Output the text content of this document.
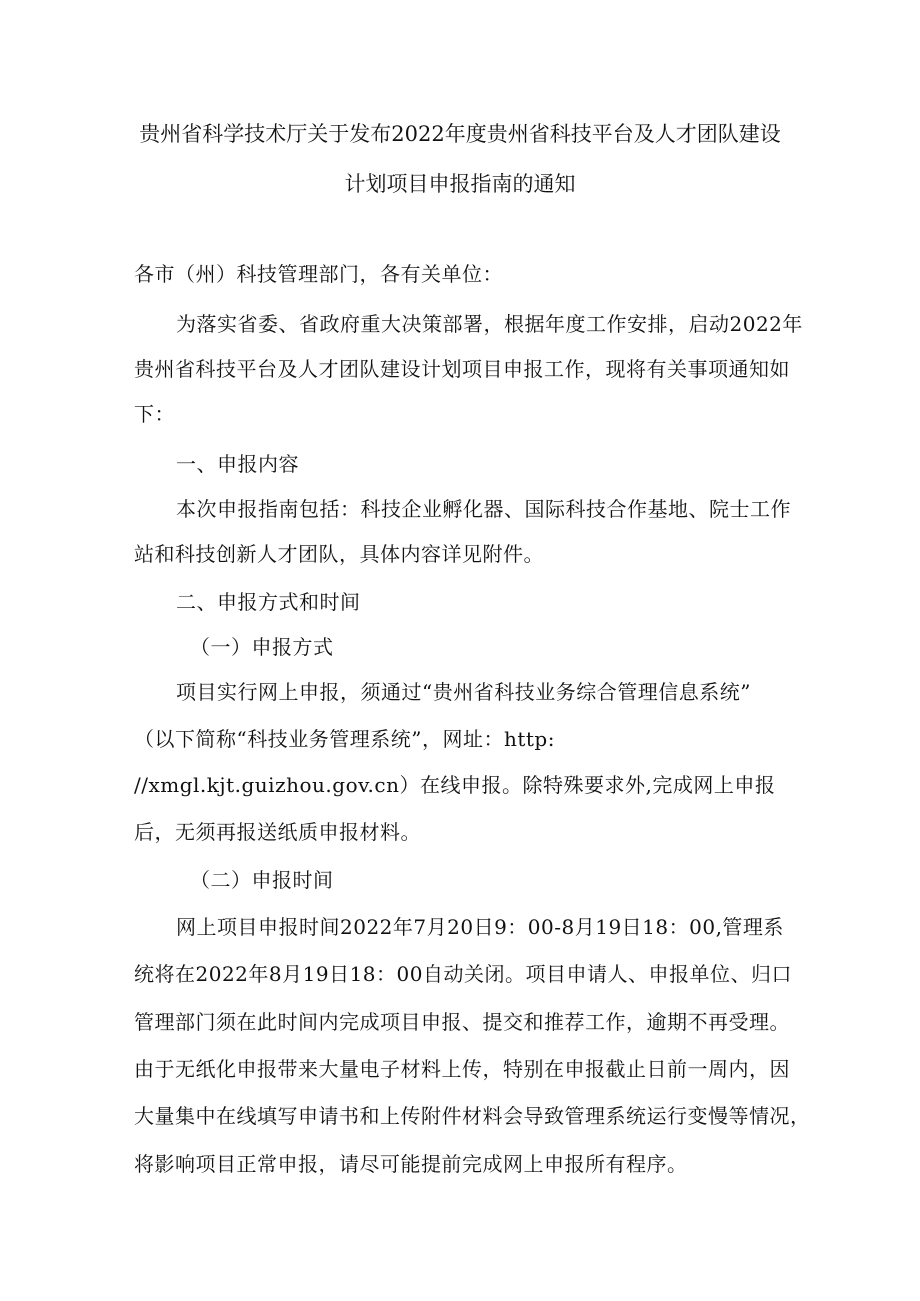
贵州省科学技术厅关于发布2022年度贵州省科技平台及人才团队建设
计划项目申报指南的通知
各市（州）科技管理部门，各有关单位：
为落实省委、省政府重大决策部署，根据年度工作安排，启动2022年
贵州省科技平台及人才团队建设计划项目申报工作，现将有关事项通知如
下：
一、申报内容
本次申报指南包括：科技企业孵化器、国际科技合作基地、院士工作
站和科技创新人才团队，具体内容详见附件。
二、申报方式和时间
（一）申报方式
项目实行网上申报，须通过“贵州省科技业务综合管理信息系统”
（以下简称“科技业务管理系统”，网址：http:
//xmgl.kjt.guizhou.gov.cn）在线申报。除特殊要求外,完成网上申报
后，无须再报送纸质申报材料。
（二）申报时间
网上项目申报时间2022年7月20日9：00-8月19日18：00,管理系
统将在2022年8月19日18：00自动关闭。项目申请人、申报单位、归口
管理部门须在此时间内完成项目申报、提交和推荐工作，逾期不再受理。
由于无纸化申报带来大量电子材料上传，特别在申报截止日前一周内，因
大量集中在线填写申请书和上传附件材料会导致管理系统运行变慢等情况，
将影响项目正常申报，请尽可能提前完成网上申报所有程序。
